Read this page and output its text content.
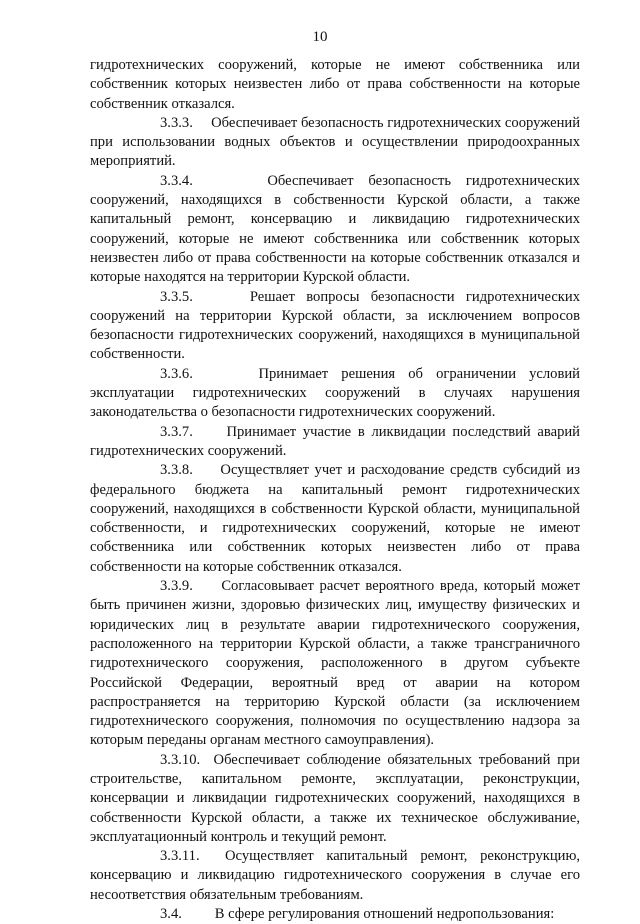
10

гидротехнических сооружений, которые не имеют собственника или собственник которых неизвестен либо от права собственности на которые собственник отказался.

3.3.3. Обеспечивает безопасность гидротехнических сооружений при использовании водных объектов и осуществлении природоохранных мероприятий.

3.3.4.	Обеспечивает безопасность гидротехнических сооружений, находящихся в собственности Курской области, а также капитальный ремонт, консервацию и ликвидацию гидротехнических сооружений, которые не имеют собственника или собственник которых неизвестен либо от права собственности на которые собственник отказался и которые находятся на территории Курской области.

3.3.5.	Решает вопросы безопасности гидротехнических сооружений на территории Курской области, за исключением вопросов безопасности гидротехнических сооружений, находящихся в муниципальной собственности.

3.3.6.	Принимает решения об ограничении условий эксплуатации гидротехнических сооружений в случаях нарушения законодательства о безопасности гидротехнических сооружений.

3.3.7. Принимает участие в ликвидации последствий аварий гидротехнических сооружений.

3.3.8. Осуществляет учет и расходование средств субсидий из федерального бюджета на капитальный ремонт гидротехнических сооружений, находящихся в собственности Курской области, муниципальной собственности, и гидротехнических сооружений, которые не имеют собственника или собственник которых неизвестен либо от права собственности на которые собственник отказался.

3.3.9. Согласовывает расчет вероятного вреда, который может быть причинен жизни, здоровью физических лиц, имуществу физических и юридических лиц в результате аварии гидротехнического сооружения, расположенного на территории Курской области, а также трансграничного гидротехнического сооружения, расположенного в другом субъекте Российской Федерации, вероятный вред от аварии на котором распространяется на территорию Курской области (за исключением гидротехнического сооружения, полномочия по осуществлению надзора за которым переданы органам местного самоуправления).

3.3.10. Обеспечивает соблюдение обязательных требований при строительстве, капитальном ремонте, эксплуатации, реконструкции, консервации и ликвидации гидротехнических сооружений, находящихся в собственности Курской области, а также их техническое обслуживание, эксплуатационный контроль и текущий ремонт.

3.3.11. Осуществляет капитальный ремонт, реконструкцию, консервацию и ликвидацию гидротехнического сооружения в случае его несоответствия обязательным требованиям.

3.4. В сфере регулирования отношений недропользования:
